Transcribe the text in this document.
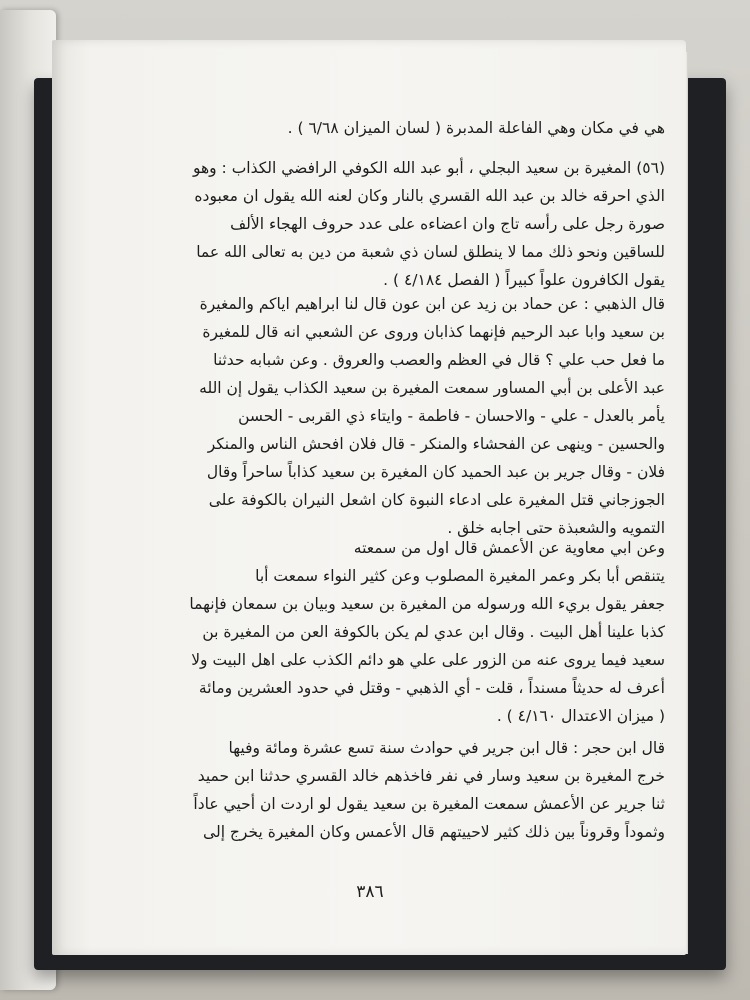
هي في مكان وهي الفاعلة المدبرة ( لسان الميزان ٦/٦٨ ) .
(٥٦) المغيرة بن سعيد البجلي ، أبو عبد الله الكوفي الرافضي الكذاب : وهو
الذي احرقه خالد بن عبد الله القسري بالنار وكان لعنه الله يقول ان معبوده
صورة رجل على رأسه تاج وان اعضاءه على عدد حروف الهجاء الألف
للساقين ونحو ذلك مما لا ينطلق لسان ذي شعبة من دين به تعالى الله عما
يقول الكافرون علواً كبيراً ( الفصل ٤/١٨٤ ) .
قال الذهبي : عن حماد بن زيد عن ابن عون قال لنا ابراهيم اياكم والمغيرة
بن سعيد وابا عبد الرحيم فإنهما كذابان وروى عن الشعبي انه قال للمغيرة
ما فعل حب علي ؟ قال في العظم والعصب والعروق . وعن شبابه حدثنا
عبد الأعلى بن أبي المساور سمعت المغيرة بن سعيد الكذاب يقول إن الله
يأمر بالعدل - علي - والاحسان - فاطمة - وايتاء ذي القربى - الحسن
والحسين - وينهى عن الفحشاء والمنكر - قال فلان افحش الناس والمنكر
فلان - وقال جرير بن عبد الحميد كان المغيرة بن سعيد كذاباً ساحراً وقال
الجوزجاني قتل المغيرة على ادعاء النبوة كان اشعل النيران بالكوفة على
التمويه والشعبذة حتى اجابه خلق .
وعن ابي معاوية عن الأعمش قال اول من سمعته
يتنقص أبا بكر وعمر المغيرة المصلوب وعن كثير النواء سمعت أبا
جعفر يقول بريء الله ورسوله من المغيرة بن سعيد وبيان بن سمعان فإنهما
كذبا علينا أهل البيت . وقال ابن عدي لم يكن بالكوفة العن من المغيرة بن
سعيد فيما يروى عنه من الزور على علي هو دائم الكذب على اهل البيت ولا
أعرف له حديثاً مسنداً ، قلت - أي الذهبي - وقتل في حدود العشرين ومائة
( ميزان الاعتدال ٤/١٦٠ ) .
قال ابن حجر : قال ابن جرير في حوادث سنة تسع عشرة ومائة وفيها
خرج المغيرة بن سعيد وسار في نفر فاخذهم خالد القسري حدثنا ابن حميد
ثنا جرير عن الأعمش سمعت المغيرة بن سعيد يقول لو اردت ان أحيي عاداً
وثموداً وقروناً بين ذلك كثير لاحييتهم قال الأعمس وكان المغيرة يخرج إلى
٣٨٦
